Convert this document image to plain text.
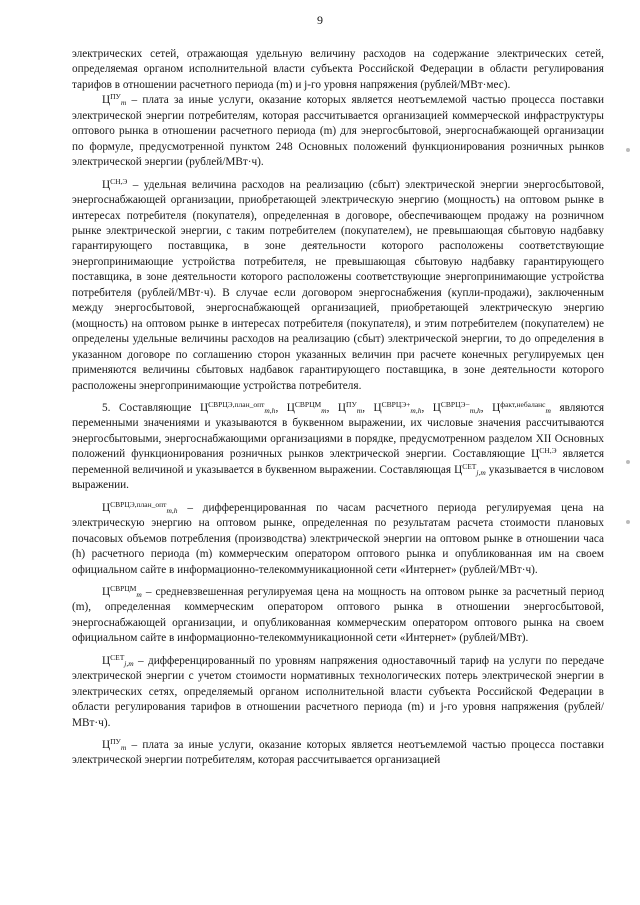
9

электрических сетей, отражающая удельную величину расходов на содержание электрических сетей, определяемая органом исполнительной власти субъекта Российской Федерации в области регулирования тарифов в отношении расчетного периода (m) и j-го уровня напряжения (рублей/МВт·мес).

$Ц^{ПУ}_m$ – плата за иные услуги, оказание которых является неотъемлемой частью процесса поставки электрической энергии потребителям, которая рассчитывается организацией коммерческой инфраструктуры оптового рынка в отношении расчетного периода (m) для энергосбытовой, энергоснабжающей организации по формуле, предусмотренной пунктом 248 Основных положений функционирования розничных рынков электрической энергии (рублей/МВт·ч).

$Ц^{СН,Э}$ – удельная величина расходов на реализацию (сбыт) электрической энергии энергосбытовой, энергоснабжающей организации, приобретающей электрическую энергию (мощность) на оптовом рынке в интересах потребителя (покупателя), определенная в договоре, обеспечивающем продажу на розничном рынке электрической энергии, с таким потребителем (покупателем), не превышающая сбытовую надбавку гарантирующего поставщика, в зоне деятельности которого расположены соответствующие энергопринимающие устройства потребителя, не превышающая сбытовую надбавку гарантирующего поставщика, в зоне деятельности которого расположены соответствующие энергопринимающие устройства потребителя (рублей/МВт·ч). В случае если договором энергоснабжения (купли-продажи), заключенным между энергосбытовой, энергоснабжающей организацией, приобретающей электрическую энергию (мощность) на оптовом рынке в интересах потребителя (покупателя), и этим потребителем (покупателем) не определены удельные величины расходов на реализацию (сбыт) электрической энергии, то до определения в указанном договоре по соглашению сторон указанных величин при расчете конечных регулируемых цен применяются величины сбытовых надбавок гарантирующего поставщика, в зоне деятельности которого расположены энергопринимающие устройства потребителя.

5. Составляющие $Ц^{СВРЦЭ,план\_опт}_{m,h}$, $Ц^{СВРЦМ}_m$, $Ц^{ПУ}_m$, $Ц^{СВРЦЭ+}_{m,h}$, $Ц^{СВРЦЭ-}_{m,h}$, $Ц^{факт,небаланс}_m$ являются переменными значениями и указываются в буквенном выражении, их числовые значения рассчитываются энергосбытовыми, энергоснабжающими организациями в порядке, предусмотренном разделом XII Основных положений функционирования розничных рынков электрической энергии. Составляющие $Ц^{СН,Э}$ является переменной величиной и указывается в буквенном выражении. Составляющая $Ц^{СЕТ}_{j,m}$ указывается в числовом выражении.

$Ц^{СВРЦЭ,план\_опт}_{m,h}$ – дифференцированная по часам расчетного периода регулируемая цена на электрическую энергию на оптовом рынке, определенная по результатам расчета стоимости плановых почасовых объемов потребления (производства) электрической энергии на оптовом рынке в отношении часа (h) расчетного периода (m) коммерческим оператором оптового рынка и опубликованная им на своем официальном сайте в информационно-телекоммуникационной сети «Интернет» (рублей/МВт·ч).

$Ц^{СВРЦМ}_m$ – средневзвешенная регулируемая цена на мощность на оптовом рынке за расчетный период (m), определенная коммерческим оператором оптового рынка в отношении энергосбытовой, энергоснабжающей организации, и опубликованная коммерческим оператором оптового рынка на своем официальном сайте в информационно-телекоммуникационной сети «Интернет» (рублей/МВт).

$Ц^{СЕТ}_{j,m}$ – дифференцированный по уровням напряжения одноставочный тариф на услуги по передаче электрической энергии с учетом стоимости нормативных технологических потерь электрической энергии в электрических сетях, определяемый органом исполнительной власти субъекта Российской Федерации в области регулирования тарифов в отношении расчетного периода (m) и j-го уровня напряжения (рублей/МВт·ч).

$Ц^{ПУ}_m$ – плата за иные услуги, оказание которых является неотъемлемой частью процесса поставки электрической энергии потребителям, которая рассчитывается организацией
